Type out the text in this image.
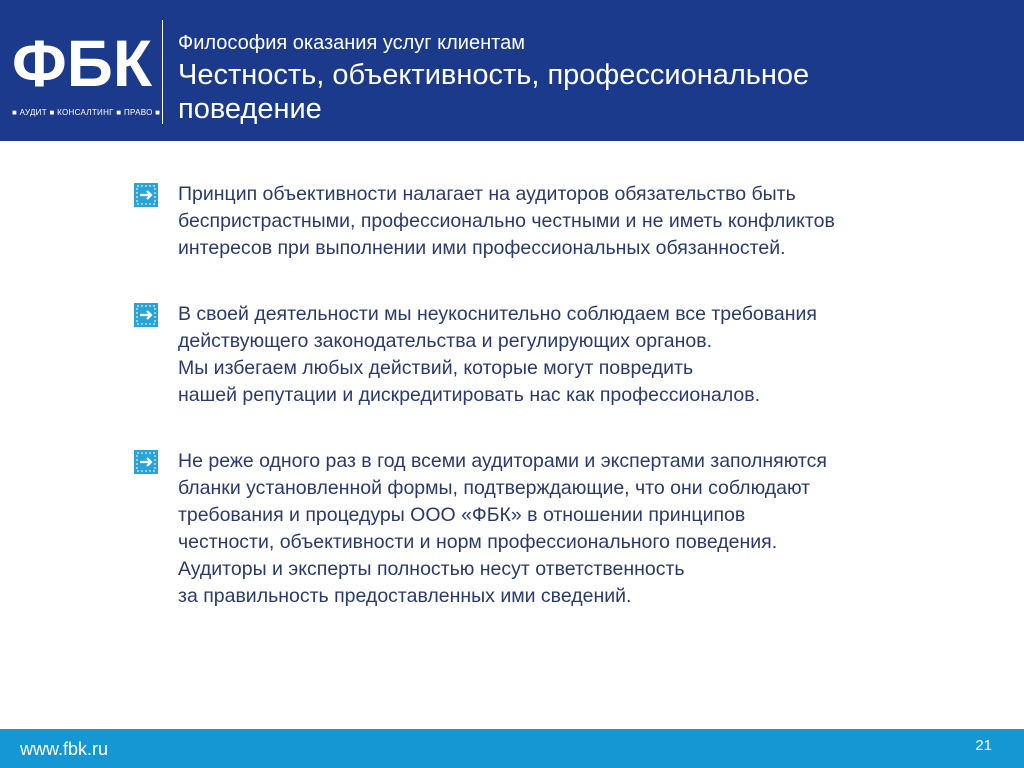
ФБК
■ АУДИТ ■ КОНСАЛТИНГ ■ ПРАВО ■
Философия оказания услуг клиентам
Честность, объективность, профессиональное
поведение
Принцип объективности налагает на аудиторов обязательство быть
беспристрастными, профессионально честными и не иметь конфликтов
интересов при выполнении ими профессиональных обязанностей.
В своей деятельности мы неукоснительно соблюдаем все требования
действующего законодательства и регулирующих органов.
Мы избегаем любых действий, которые могут повредить
нашей репутации и дискредитировать нас как профессионалов.
Не реже одного раз в год всеми аудиторами и экспертами заполняются
бланки установленной формы, подтверждающие, что они соблюдают
требования и процедуры ООО «ФБК» в отношении принципов
честности, объективности и норм профессионального поведения.
Аудиторы и эксперты полностью несут ответственность
за правильность предоставленных ими сведений.
www.fbk.ru	21
